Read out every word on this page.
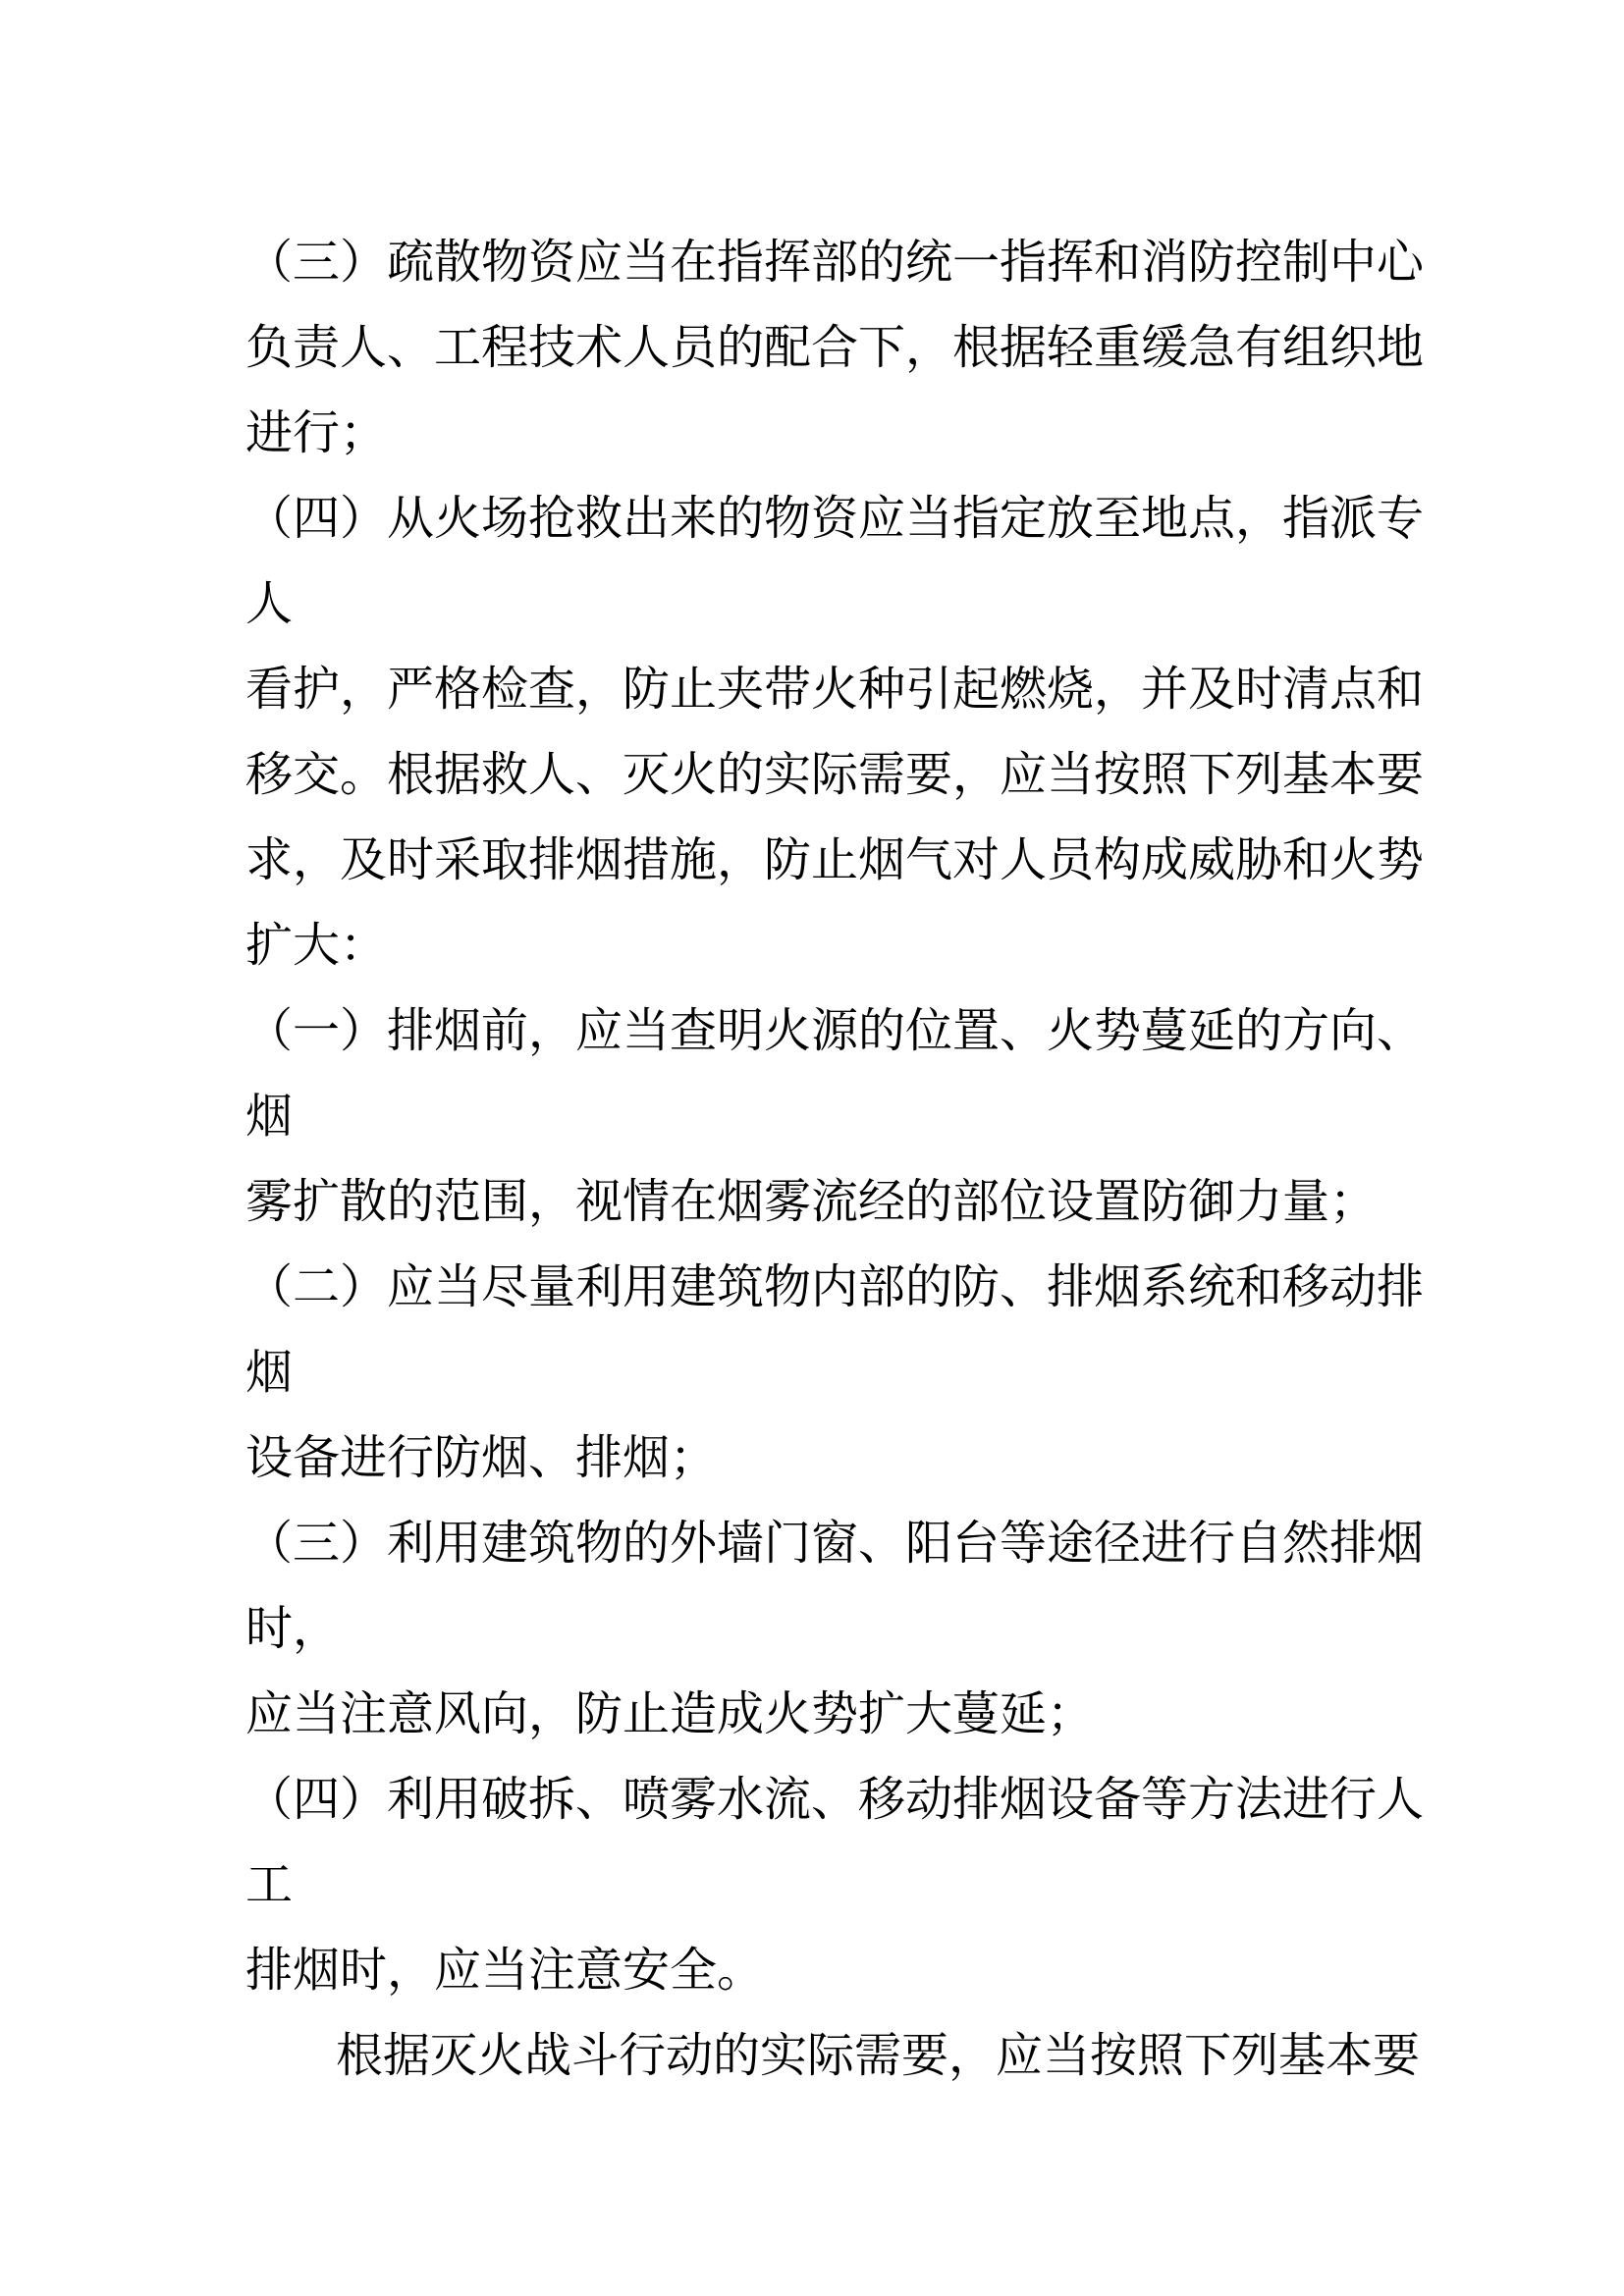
（三）疏散物资应当在指挥部的统一指挥和消防控制中心
负责人、工程技术人员的配合下，根据轻重缓急有组织地
进行；
（四）从火场抢救出来的物资应当指定放至地点，指派专
人
看护，严格检查，防止夹带火种引起燃烧，并及时清点和
移交。根据救人、灭火的实际需要，应当按照下列基本要
求，及时采取排烟措施，防止烟气对人员构成威胁和火势
扩大：
（一）排烟前，应当查明火源的位置、火势蔓延的方向、
烟
雾扩散的范围，视情在烟雾流经的部位设置防御力量；
（二）应当尽量利用建筑物内部的防、排烟系统和移动排
烟
设备进行防烟、排烟；
（三）利用建筑物的外墙门窗、阳台等途径进行自然排烟
时，
应当注意风向，防止造成火势扩大蔓延；
（四）利用破拆、喷雾水流、移动排烟设备等方法进行人
工
排烟时，应当注意安全。
根据灭火战斗行动的实际需要，应当按照下列基本要
